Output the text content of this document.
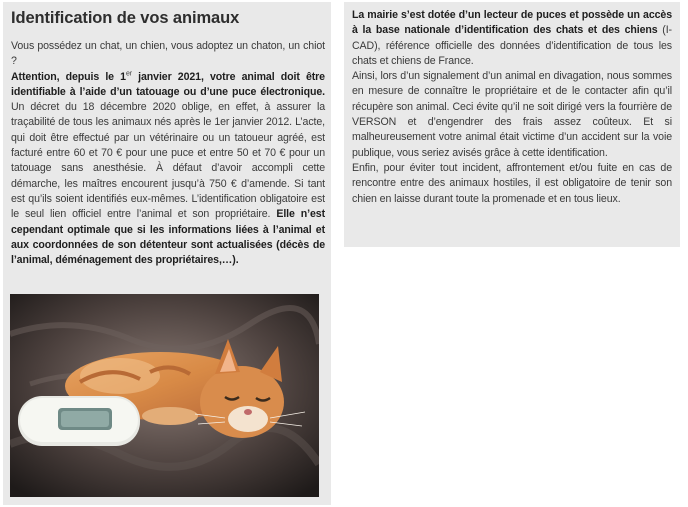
Identification de vos animaux

Vous possédez un chat, un chien, vous adoptez un chaton, un chiot ?
Attention, depuis le 1er janvier 2021, votre animal doit être identifiable à l’aide d’un tatouage ou d’une puce électronique. Un décret du 18 décembre 2020 oblige, en effet, à assurer la traçabilité de tous les animaux nés après le 1er janvier 2012. L’acte, qui doit être effectué par un vétérinaire ou un tatoueur agréé, est facturé entre 60 et 70 € pour une puce et entre 50 et 70 € pour un tatouage sans anesthésie. À défaut d’avoir accompli cette démarche, les maîtres encourent jusqu’à 750 € d’amende. Si tant est qu’ils soient identifiés eux-mêmes. L’identification obligatoire est le seul lien officiel entre l’animal et son propriétaire. Elle n’est cependant optimale que si les informations liées à l’animal et aux coordonnées de son détenteur sont actualisées (décès de l’animal, déménagement des propriétaires,…).

La mairie s’est dotée d’un lecteur de puces et possède un accès à la base nationale d’identification des chats et des chiens (I-CAD), référence officielle des données d’identification de tous les chats et chiens de France.

Ainsi, lors d’un signalement d’un animal en divagation, nous sommes en mesure de connaître le propriétaire et de le contacter afin qu’il récupère son animal. Ceci évite qu’il ne soit dirigé vers la fourrière de VERSON et d’engendrer des frais assez coûteux. Et si malheureusement votre animal était victime d’un accident sur la voie publique, vous seriez avisés grâce à cette identification.

Enfin, pour éviter tout incident, affrontement et/ou fuite en cas de rencontre entre des animaux hostiles, il est obligatoire de tenir son chien en laisse durant toute la promenade et en tous lieux.
